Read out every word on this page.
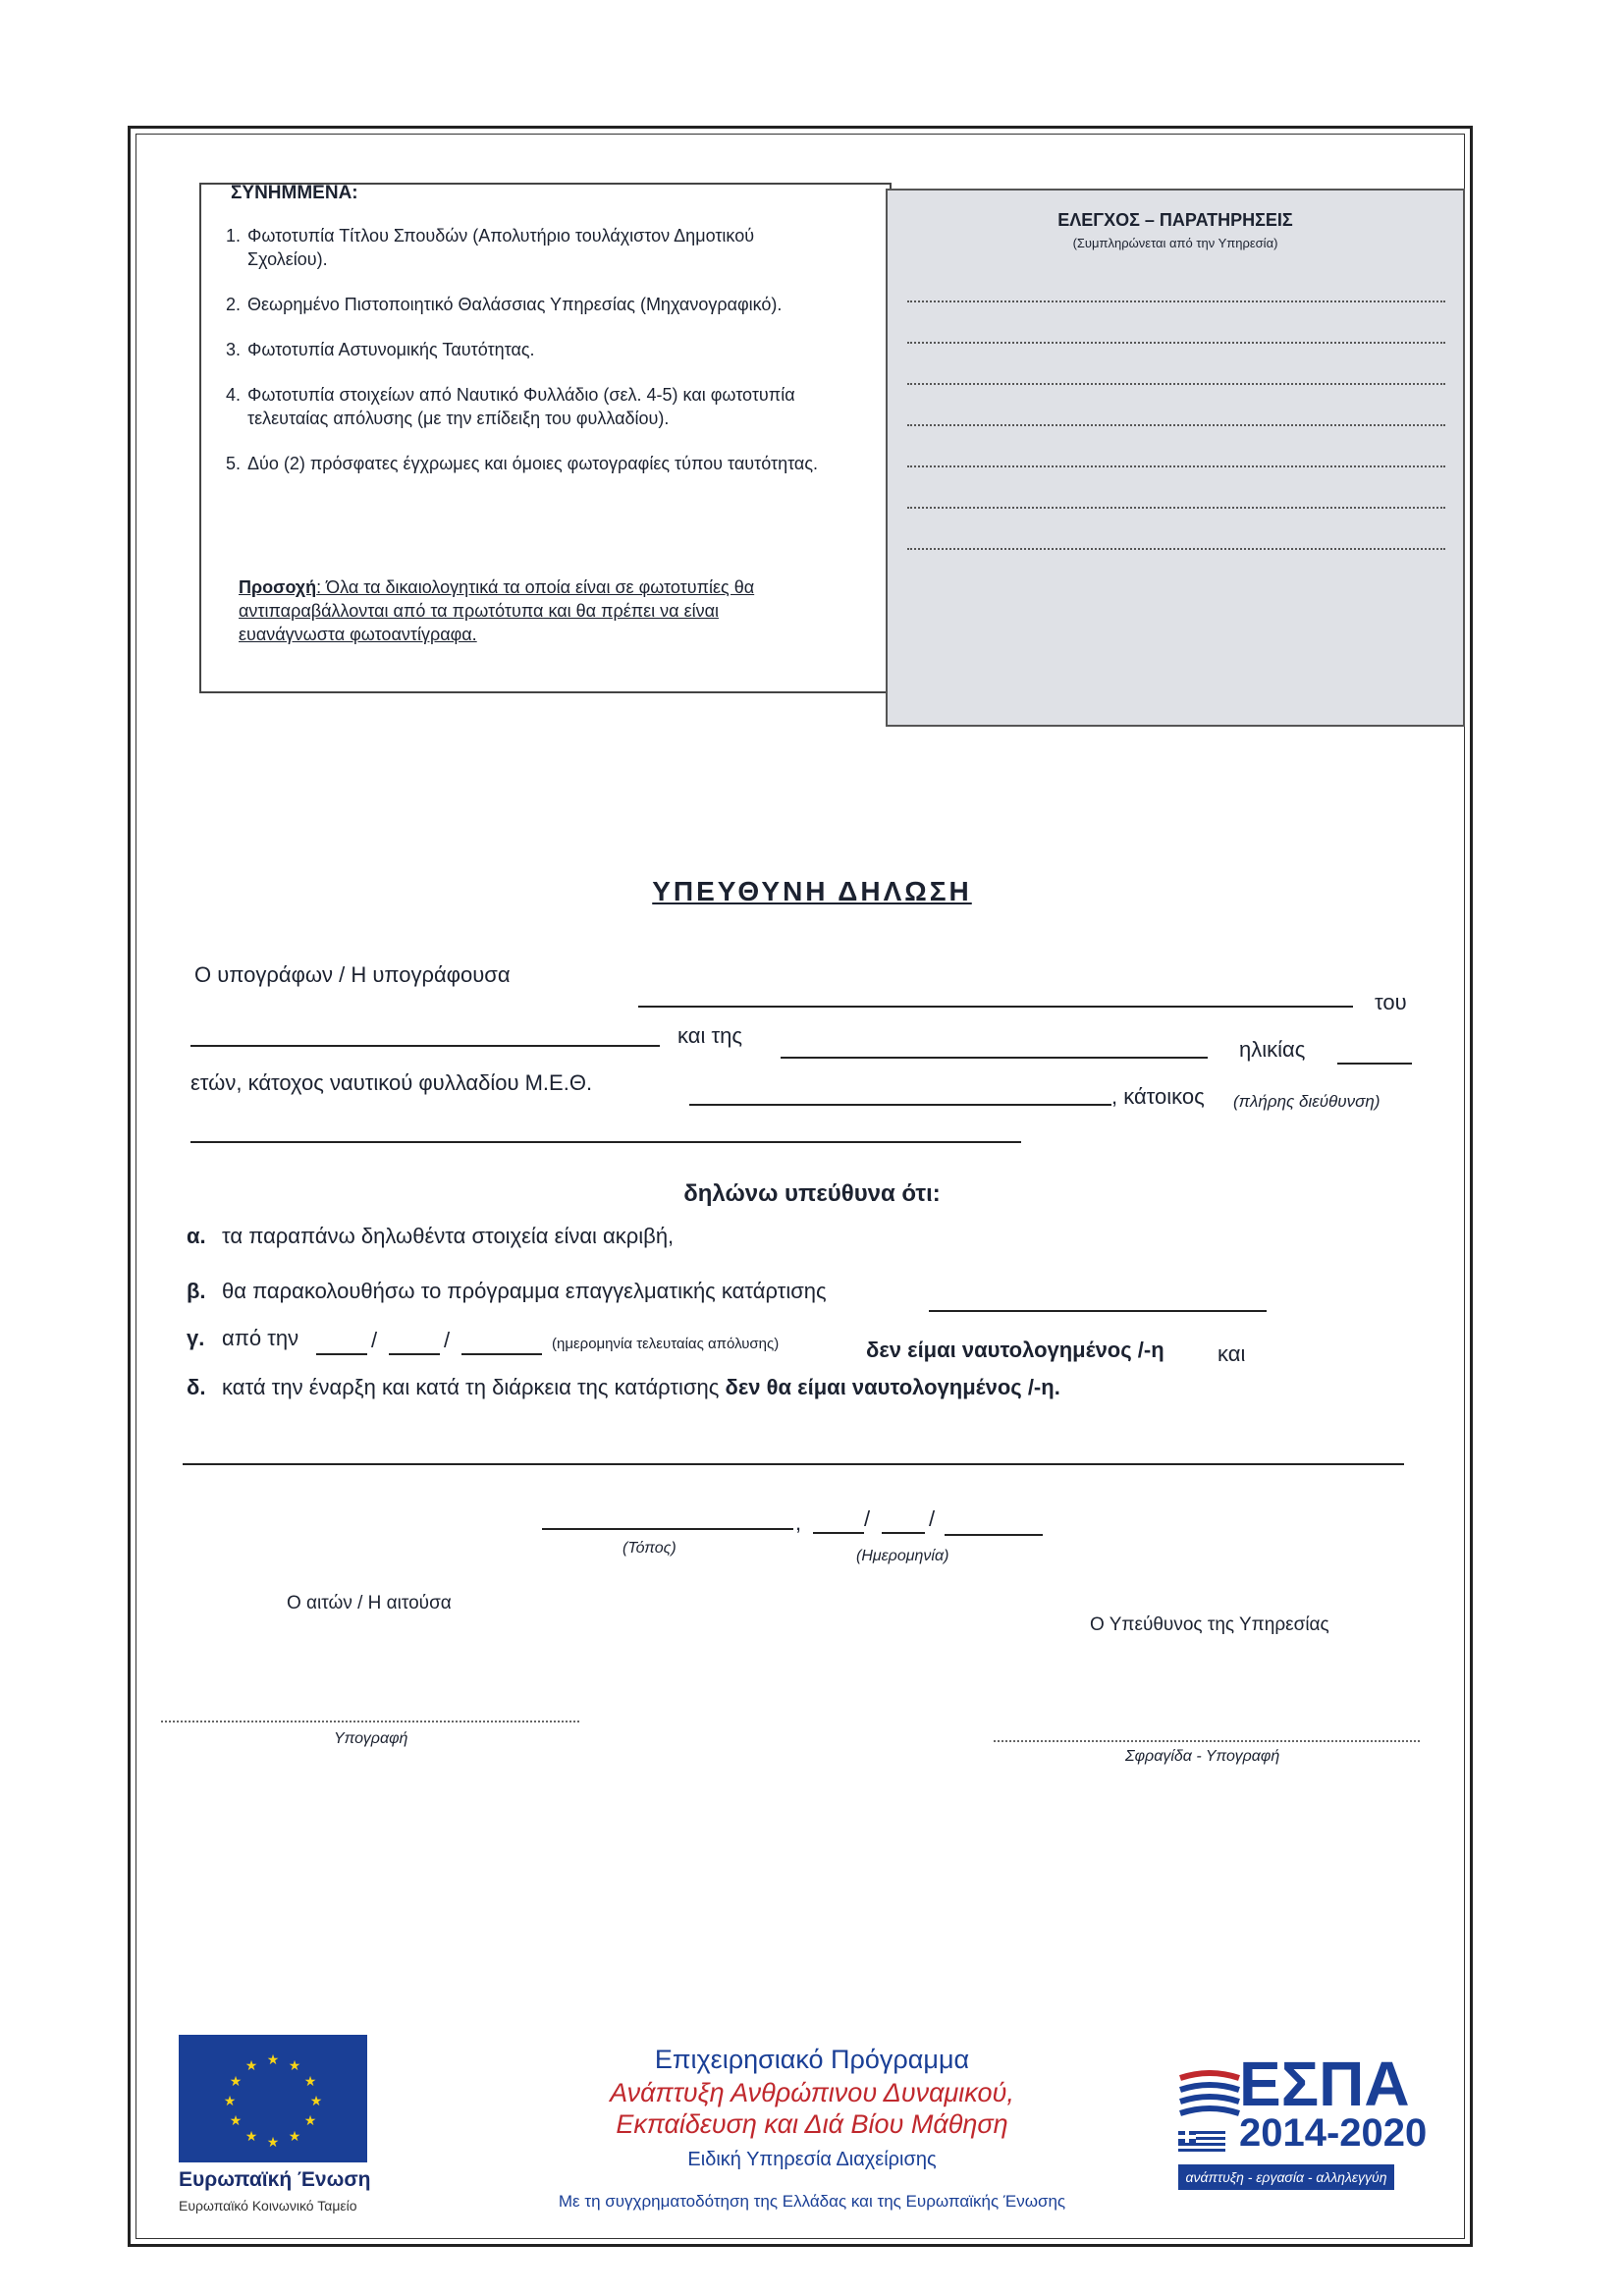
ΣΥΝΗΜΜΕΝΑ:
1. Φωτοτυπία Τίτλου Σπουδών (Απολυτήριο τουλάχιστον Δημοτικού Σχολείου).
2. Θεωρημένο Πιστοποιητικό Θαλάσσιας Υπηρεσίας (Μηχανογραφικό).
3. Φωτοτυπία Αστυνομικής Ταυτότητας.
4. Φωτοτυπία στοιχείων από Ναυτικό Φυλλάδιο (σελ. 4-5) και φωτοτυπία τελευταίας απόλυσης (με την επίδειξη του φυλλαδίου).
5. Δύο (2) πρόσφατες έγχρωμες και όμοιες φωτογραφίες τύπου ταυτότητας.
Προσοχή: Όλα τα δικαιολογητικά τα οποία είναι σε φωτοτυπίες θα αντιπαραβάλλονται από τα πρωτότυπα και θα πρέπει να είναι ευανάγνωστα φωτοαντίγραφα.
ΕΛΕΓΧΟΣ – ΠΑΡΑΤΗΡΗΣΕΙΣ
(Συμπληρώνεται από την Υπηρεσία)
ΥΠΕΥΘΥΝΗ ΔΗΛΩΣΗ
Ο υπογράφων / Η υπογράφουσα
του
και της
ηλικίας
ετών, κάτοχος ναυτικού φυλλαδίου Μ.Ε.Θ.
, κάτοικος (πλήρης διεύθυνση)
δηλώνω υπεύθυνα ότι:
α. τα παραπάνω δηλωθέντα στοιχεία είναι ακριβή,
β. θα παρακολουθήσω το πρόγραμμα επαγγελματικής κατάρτισης
γ. από την	/	/	(ημερομηνία τελευταίας απόλυσης)	δεν είμαι ναυτολογημένος /-η και
δ. κατά την έναρξη και κατά τη διάρκεια της κατάρτισης δεν θα είμαι ναυτολογημένος /-η.
,	/	/
(Τόπος)	(Ημερομηνία)
Ο αιτών / Η αιτούσα
Ο Υπεύθυνος της Υπηρεσίας
Υπογραφή
Σφραγίδα - Υπογραφή
★ ★
★
★
★
★
★
★
★
★
★
★
Ευρωπαϊκή Ένωση
Ευρωπαϊκό Κοινωνικό Ταμείο
Επιχειρησιακό Πρόγραμμα
Ανάπτυξη Ανθρώπινου Δυναμικού,
Εκπαίδευση και Διά Βίου Μάθηση
Ειδική Υπηρεσία Διαχείρισης
Με τη συγχρηματοδότηση της Ελλάδας και της Ευρωπαϊκής Ένωσης
ΕΣΠΑ
2014-2020
ανάπτυξη - εργασία - αλληλεγγύη
